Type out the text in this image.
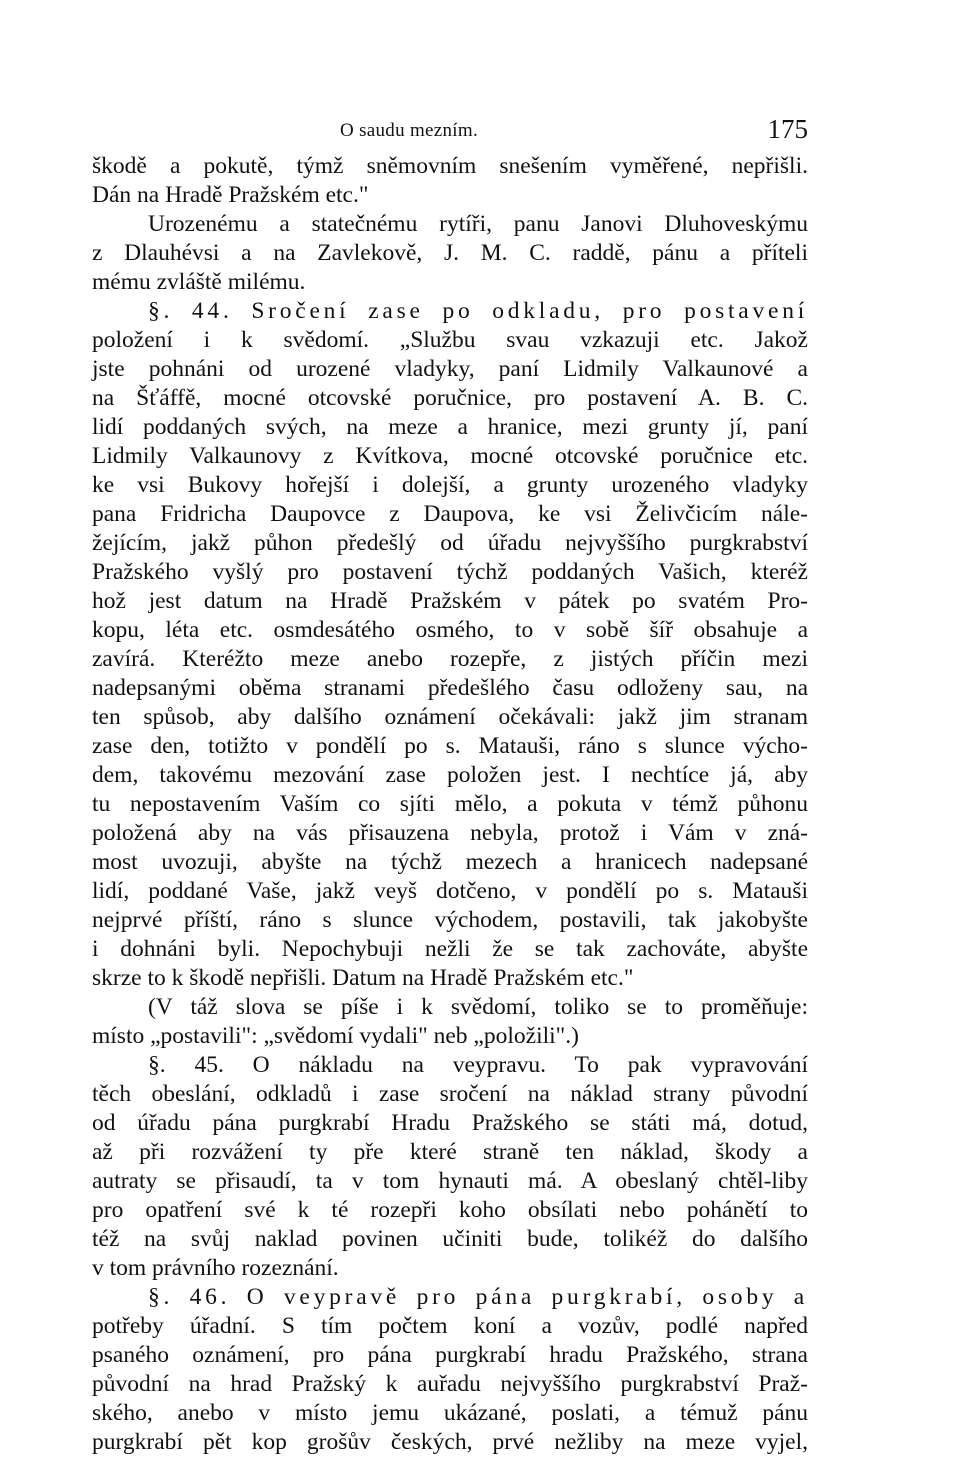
O saudu mezním.	175
škodě a pokutě, týmž sněmovním snešením vyměřené, nepřišli.
Dán na Hradě Pražském etc."
Urozenému a statečnému rytíři, panu Janovi Dluhoveskýmu
z Dlauhévsi a na Zavlekově, J. M. C. raddě, pánu a příteli
mému zvláště milému.
§. 44. Sročení zase po odkladu, pro postavení
položení i k svědomí. „Službu svau vzkazuji etc. Jakož
jste pohnáni od urozené vladyky, paní Lidmily Valkaunové a
na Šťáffě, mocné otcovské poručnice, pro postavení A. B. C.
lidí poddaných svých, na meze a hranice, mezi grunty jí, paní
Lidmily Valkaunovy z Kvítkova, mocné otcovské poručnice etc.
ke vsi Bukovy hořejší i dolejší, a grunty urozeného vladyky
pana Fridricha Daupovce z Daupova, ke vsi Želivčicím nále-
žejícím, jakž půhon předešlý od úřadu nejvyššího purgkrabství
Pražského vyšlý pro postavení týchž poddaných Vašich, kteréž
hož jest datum na Hradě Pražském v pátek po svatém Pro-
kopu, léta etc. osmdesátého osmého, to v sobě šíř obsahuje a
zavírá. Kteréžto meze anebo rozepře, z jistých příčin mezi
nadepsanými oběma stranami předešlého času odloženy sau, na
ten spůsob, aby dalšího oznámení očekávali: jakž jim stranam
zase den, totižto v pondělí po s. Matauši, ráno s slunce výcho-
dem, takovému mezování zase položen jest. I nechtíce já, aby
tu nepostavením Vaším co sjíti mělo, a pokuta v témž půhonu
položená aby na vás přisauzena nebyla, protož i Vám v zná-
most uvozuji, abyšte na týchž mezech a hranicech nadepsané
lidí, poddané Vaše, jakž veyš dotčeno, v pondělí po s. Matauši
nejprvé příští, ráno s slunce východem, postavili, tak jakobyšte
i dohnáni byli. Nepochybuji nežli že se tak zachováte, abyšte
skrze to k škodě nepřišli. Datum na Hradě Pražském etc."
(V táž slova se píše i k svědomí, toliko se to proměňuje:
místo „postavili": „svědomí vydali" neb „položili".)
§. 45. O nákladu na veypravu. To pak vypravování
těch obeslání, odkladů i zase sročení na náklad strany původní
od úřadu pána purgkrabí Hradu Pražského se státi má, dotud,
až při rozvážení ty pře které straně ten náklad, škody a
autraty se přisaudí, ta v tom hynauti má. A obeslaný chtěl-liby
pro opatření své k té rozepři koho obsílati nebo pohánětí to
též na svůj naklad povinen učiniti bude, tolikéž do dalšího
v tom právního rozeznání.
§. 46. O veypravě pro pána purgkrabí, osoby a
potřeby úřadní. S tím počtem koní a vozův, podlé napřed
psaného oznámení, pro pána purgkrabí hradu Pražského, strana
původní na hrad Pražský k auřadu nejvyššího purgkrabství Praž-
ského, anebo v místo jemu ukázané, poslati, a témuž pánu
purgkrabí pět kop grošův českých, prvé nežliby na meze vyjel,
